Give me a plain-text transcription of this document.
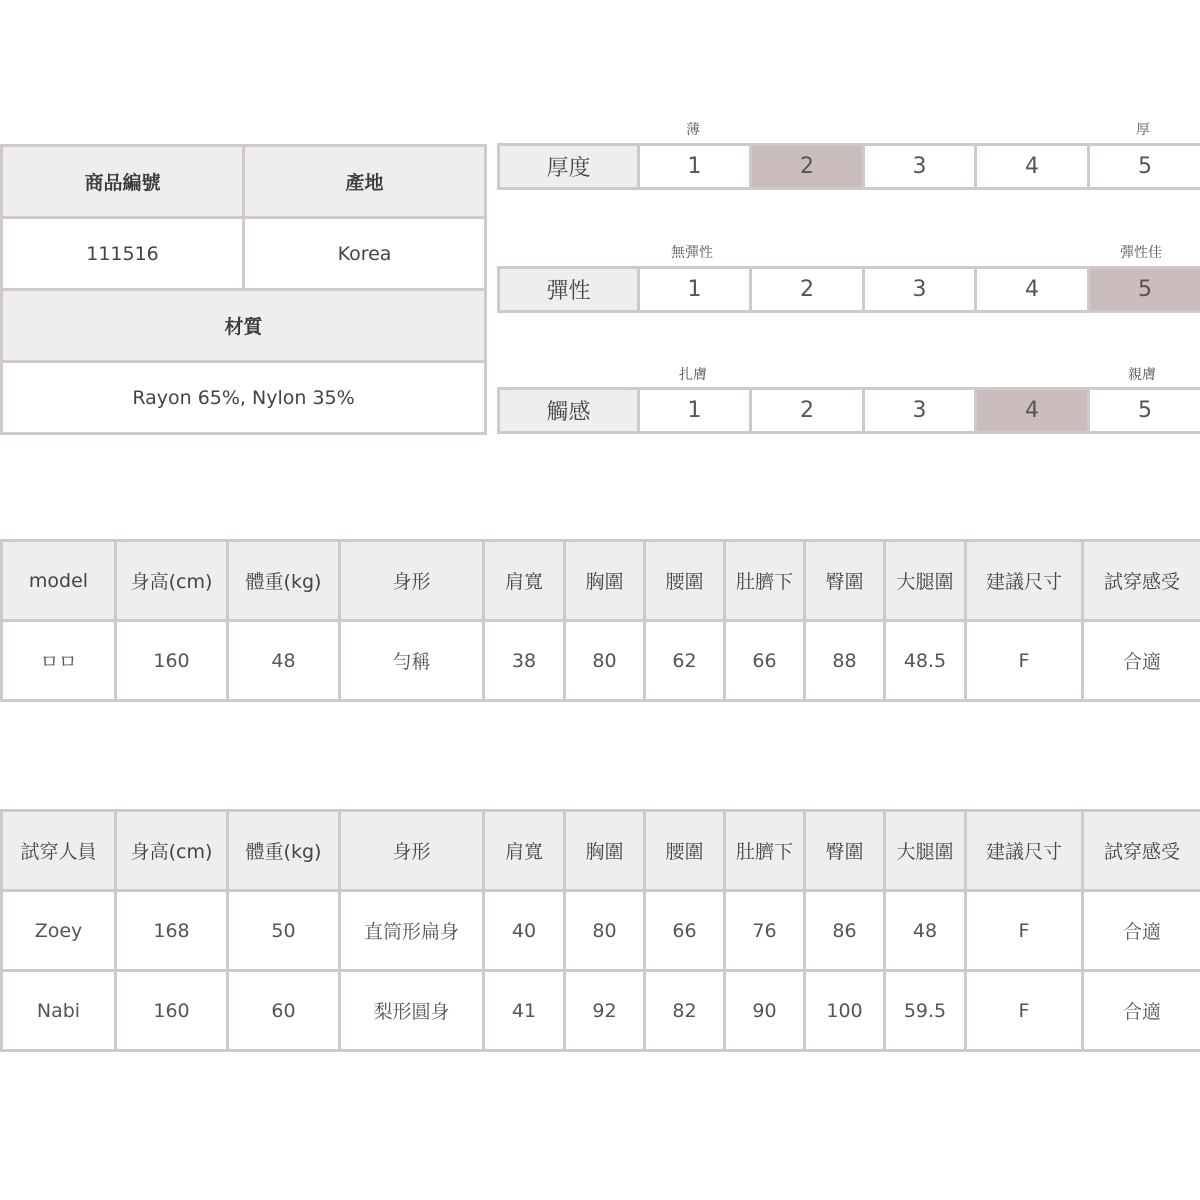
商品編號	產地
111516	Korea
材質	
Rayon 65%, Nylon 35%	
薄	厚
厚度	1	2	3	4	5
無彈性	彈性佳
彈性	1	2	3	4	5
扎膚	親膚
觸感	1	2	3	4	5
model	身高(cm)	體重(kg)	身形	肩寬	胸圍	腰圍	肚臍下	臀圍	大腿圍	建議尺寸	試穿感受
ㅁㅁ	160	48	勻稱	38	80	62	66	88	48.5	F	合適
試穿人員	身高(cm)	體重(kg)	身形	肩寬	胸圍	腰圍	肚臍下	臀圍	大腿圍	建議尺寸	試穿感受
Zoey	168	50	直筒形扁身	40	80	66	76	86	48	F	合適
Nabi	160	60	梨形圓身	41	92	82	90	100	59.5	F	合適
